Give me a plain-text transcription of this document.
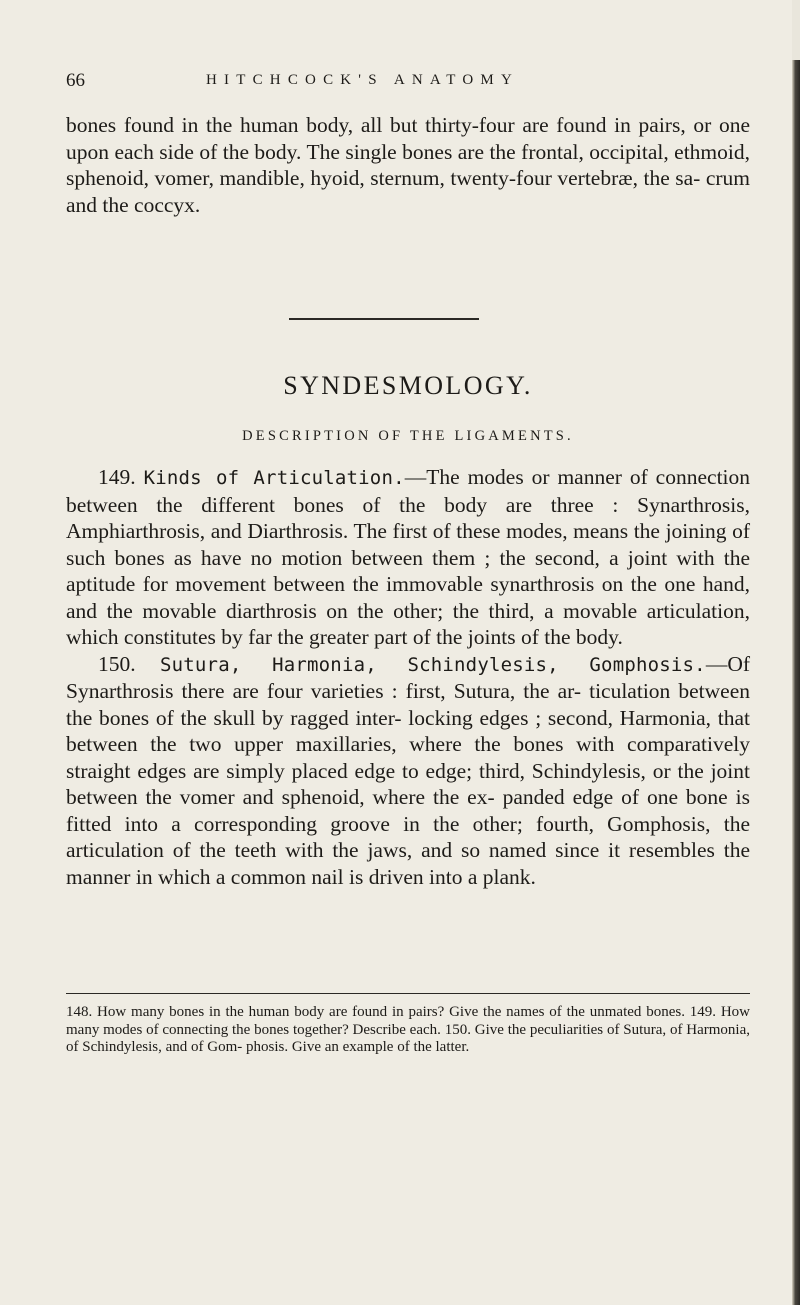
66	HITCHCOCK'S ANATOMY

bones found in the human body, all but thirty-four are found in pairs, or one upon each side of the body. The single bones are the frontal, occipital, ethmoid, sphenoid, vomer, mandible, hyoid, sternum, twenty-four vertebræ, the sa- crum and the coccyx.

SYNDESMOLOGY.
DESCRIPTION OF THE LIGAMENTS.

149. Kinds of Articulation.—The modes or manner of connection between the different bones of the body are three : Synarthrosis, Amphiarthrosis, and Diarthrosis. The first of these modes, means the joining of such bones as have no motion between them ; the second, a joint with the aptitude for movement between the immovable synarthrosis on the one hand, and the movable diarthrosis on the other; the third, a movable articulation, which constitutes by far the greater part of the joints of the body.

150. Sutura, Harmonia, Schindylesis, Gomphosis.—Of Synarthrosis there are four varieties : first, Sutura, the ar- ticulation between the bones of the skull by ragged inter- locking edges ; second, Harmonia, that between the two upper maxillaries, where the bones with comparatively straight edges are simply placed edge to edge; third, Schindylesis, or the joint between the vomer and sphenoid, where the ex- panded edge of one bone is fitted into a corresponding groove in the other; fourth, Gomphosis, the articulation of the teeth with the jaws, and so named since it resembles the manner in which a common nail is driven into a plank.

148. How many bones in the human body are found in pairs? Give the names of the unmated bones. 149. How many modes of connecting the bones together? Describe each. 150. Give the peculiarities of Sutura, of Harmonia, of Schindylesis, and of Gom- phosis. Give an example of the latter.
